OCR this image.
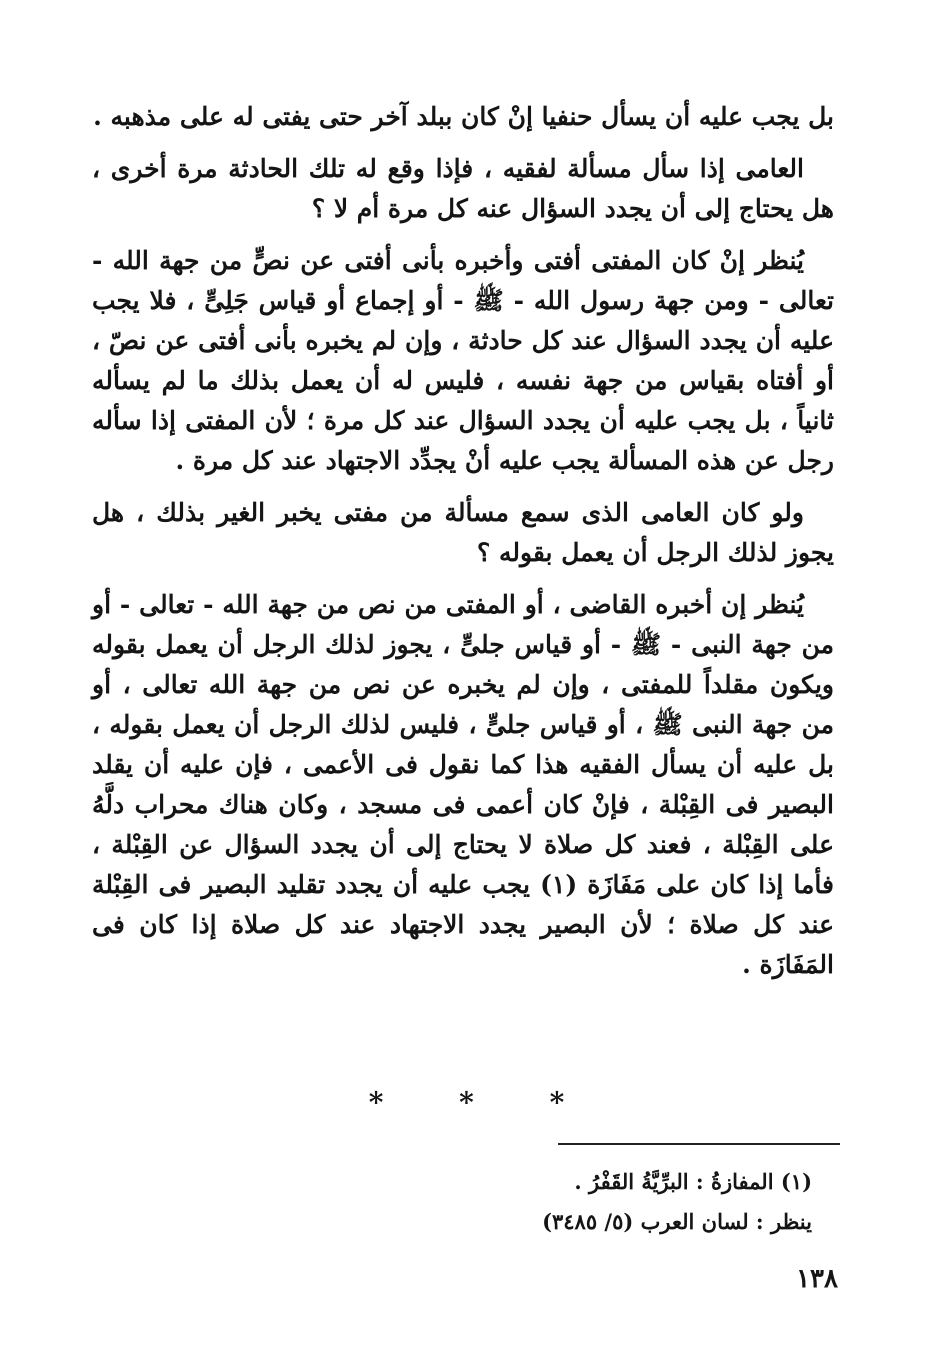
بل يجب عليه أن يسأل حنفيا إنْ كان ببلد آخر حتى يفتى له على مذهبه .

العامى إذا سأل مسألة لفقيه ، فإذا وقع له تلك الحادثة مرة أخرى ، هل يحتاج إلى أن يجدد السؤال عنه كل مرة أم لا ؟

يُنظر إنْ كان المفتى أفتى وأخبره بأنى أفتى عن نصٍّ من جهة الله - تعالى - ومن جهة رسول الله - ﷺ - أو إجماع أو قياس جَلِىٍّ ، فلا يجب عليه أن يجدد السؤال عند كل حادثة ، وإن لم يخبره بأنى أفتى عن نصّ ، أو أفتاه بقياس من جهة نفسه ، فليس له أن يعمل بذلك ما لم يسأله ثانياً ، بل يجب عليه أن يجدد السؤال عند كل مرة ؛ لأن المفتى إذا سأله رجل عن هذه المسألة يجب عليه أنْ يجدِّد الاجتهاد عند كل مرة .

ولو كان العامى الذى سمع مسألة من مفتى يخبر الغير بذلك ، هل يجوز لذلك الرجل أن يعمل بقوله ؟

يُنظر إن أخبره القاضى ، أو المفتى من نص من جهة الله - تعالى - أو من جهة النبى - ﷺ - أو قياس جلىٍّ ، يجوز لذلك الرجل أن يعمل بقوله ويكون مقلداً للمفتى ، وإن لم يخبره عن نص من جهة الله تعالى ، أو من جهة النبى ﷺ ، أو قياس جلىٍّ ، فليس لذلك الرجل أن يعمل بقوله ، بل عليه أن يسأل الفقيه هذا كما نقول فى الأعمى ، فإن عليه أن يقلد البصير فى القِبْلة ، فإنْ كان أعمى فى مسجد ، وكان هناك محراب دلَّهُ على القِبْلة ، فعند كل صلاة لا يحتاج إلى أن يجدد السؤال عن القِبْلة ، فأما إذا كان على مَفَازَة (١) يجب عليه أن يجدد تقليد البصير فى القِبْلة عند كل صلاة ؛ لأن البصير يجدد الاجتهاد عند كل صلاة إذا كان فى المَفَازَة .

*	*	*

(١) المفازةُ : البرِّيَّةُ القَفْرُ .

ينظر : لسان العرب (٥/ ٣٤٨٥)

١٣٨
